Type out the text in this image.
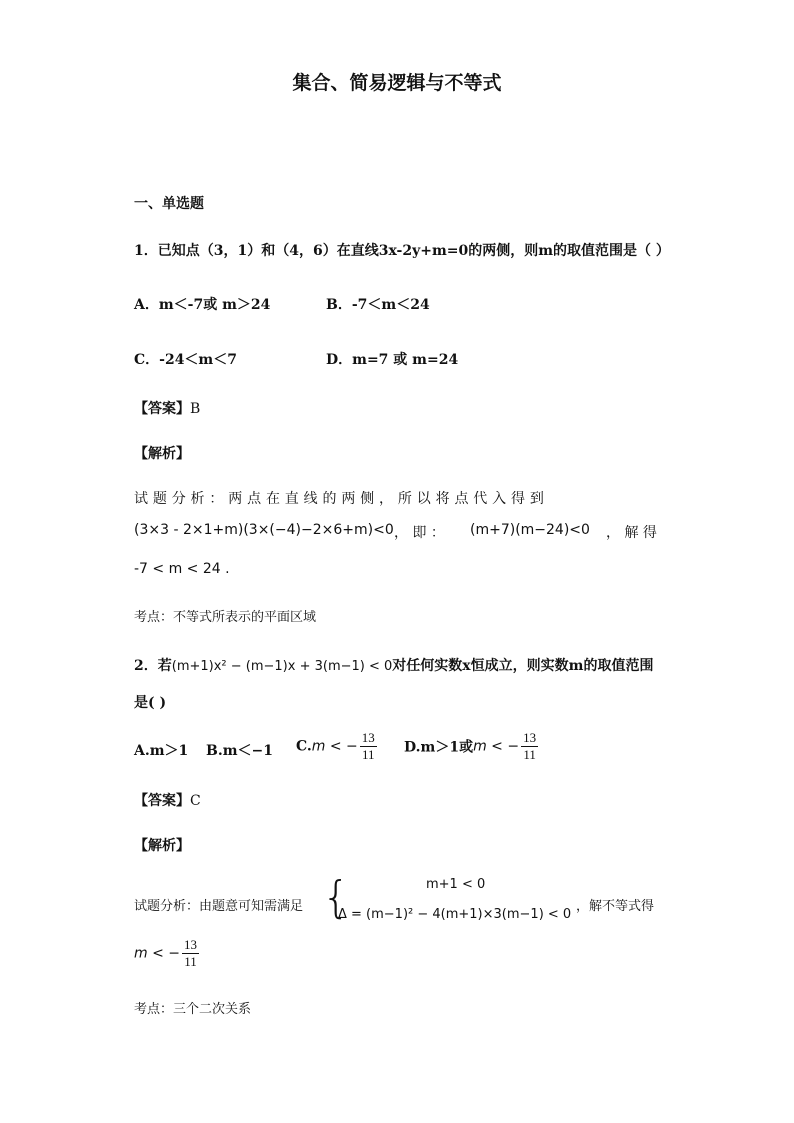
集合、简易逻辑与不等式
一、单选题
1．已知点（3，1）和（4，6）在直线3x-2y+m=0的两侧，则m的取值范围是（ ）
A．m＜-7或 m＞24	B．-7＜m＜24
C．-24＜m＜7	D．m=7 或 m=24
【答案】B
【解析】
试 题 分 析 ： 两 点 在 直 线 的 两 侧 ， 所 以 将 点 代 入 得 到
(3×3 - 2×1+m)(3×(−4)−2×6+m)<0 ， 即 ： (m+7)(m−24)<0 ， 解 得
-7 < m < 24 .
考点：不等式所表示的平面区域
2．若(m+1)x² − (m−1)x + 3(m−1) < 0对任何实数x恒成立，则实数m的取值范围
是( )
A.m＞1 B.m＜−1 C.m < − $\frac{13}{11} D.m>1$或m < − $\frac{13}{11}$
【答案】C
【解析】
试题分析：由题意可知需满足 {	m+1 < 0
Δ = (m−1)² − 4(m+1)×3(m−1) < 0
，解不等式得
m < − $\frac{13}{11}$
考点：三个二次关系
